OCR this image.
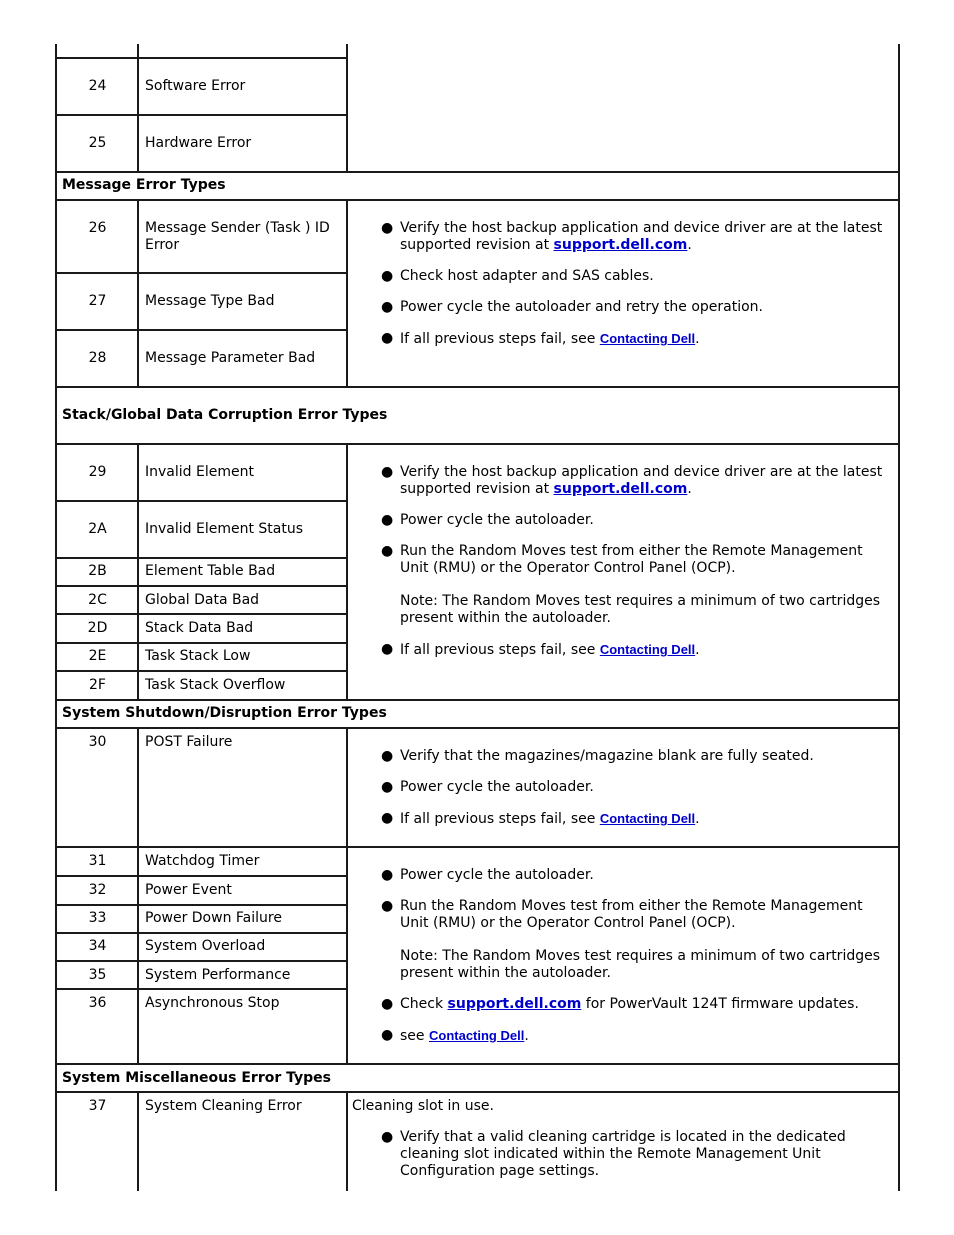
24	Software Error
25	Hardware Error
Message Error Types
26	Message Sender (Task ) ID Error
27	Message Type Bad
28	Message Parameter Bad
● Verify the host backup application and device driver are at the latest supported revision at support.dell.com.
● Check host adapter and SAS cables.
● Power cycle the autoloader and retry the operation.
● If all previous steps fail, see Contacting Dell.
Stack/Global Data Corruption Error Types
29	Invalid Element
2A	Invalid Element Status
2B	Element Table Bad
2C	Global Data Bad
2D	Stack Data Bad
2E	Task Stack Low
2F	Task Stack Overflow
● Verify the host backup application and device driver are at the latest supported revision at support.dell.com.
● Power cycle the autoloader.
● Run the Random Moves test from either the Remote Management Unit (RMU) or the Operator Control Panel (OCP).

Note: The Random Moves test requires a minimum of two cartridges present within the autoloader.

● If all previous steps fail, see Contacting Dell.
System Shutdown/Disruption Error Types
30	POST Failure
● Verify that the magazines/magazine blank are fully seated.
● Power cycle the autoloader.
● If all previous steps fail, see Contacting Dell.
31	Watchdog Timer
32	Power Event
33	Power Down Failure
34	System Overload
35	System Performance
36	Asynchronous Stop
● Power cycle the autoloader.
● Run the Random Moves test from either the Remote Management Unit (RMU) or the Operator Control Panel (OCP).

Note: The Random Moves test requires a minimum of two cartridges present within the autoloader.

● Check support.dell.com for PowerVault 124T firmware updates.
● see Contacting Dell.
System Miscellaneous Error Types
37	System Cleaning Error	Cleaning slot in use.

● Verify that a valid cleaning cartridge is located in the dedicated cleaning slot indicated within the Remote Management Unit Configuration page settings.
